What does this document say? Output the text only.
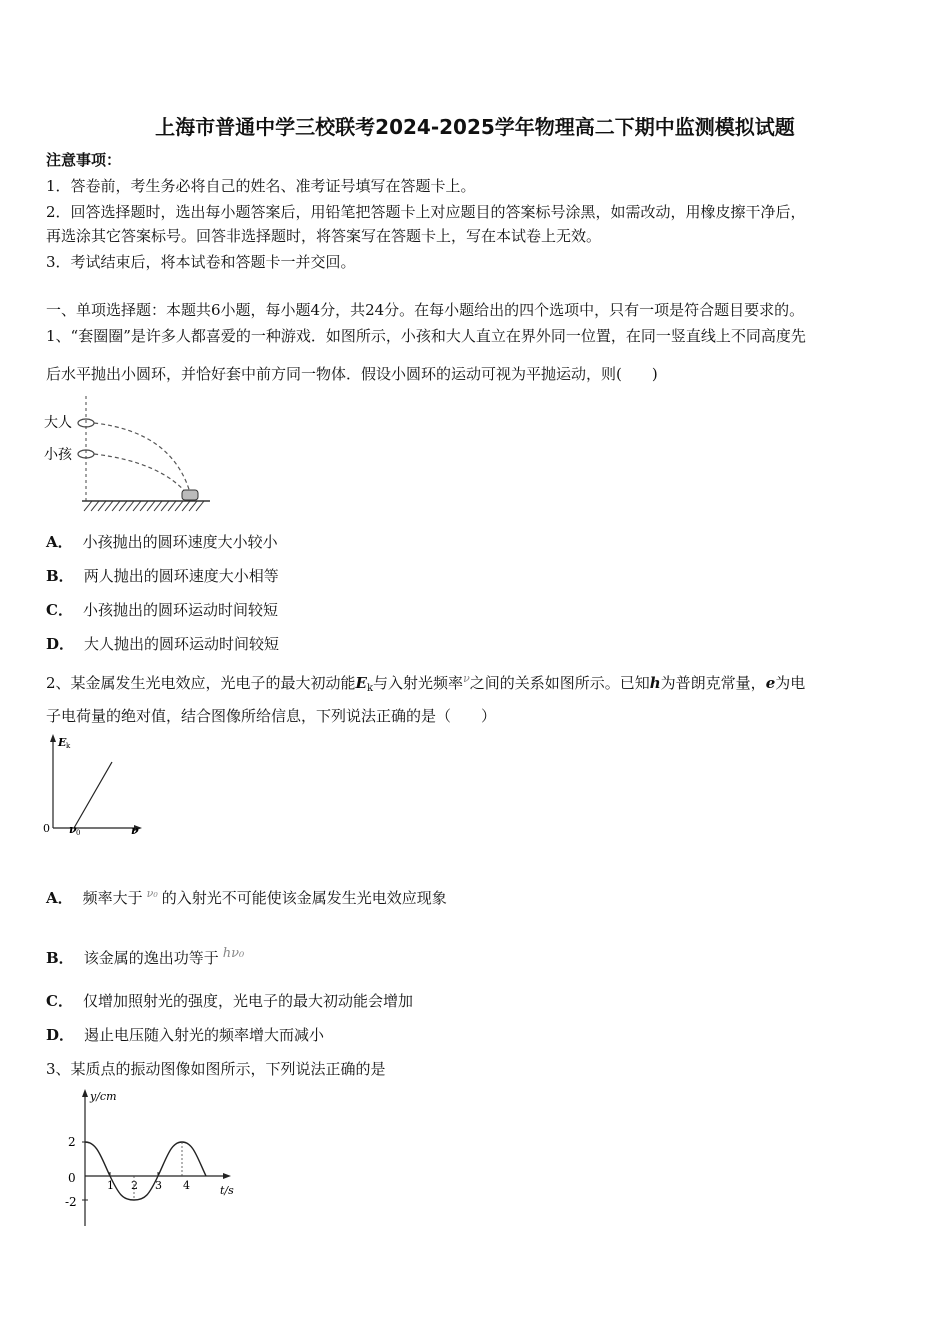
上海市普通中学三校联考2024-2025学年物理高二下期中监测模拟试题
注意事项：
1．答卷前，考生务必将自己的姓名、准考证号填写在答题卡上。
2．回答选择题时，选出每小题答案后，用铅笔把答题卡上对应题目的答案标号涂黑，如需改动，用橡皮擦干净后，
再选涂其它答案标号。回答非选择题时，将答案写在答题卡上，写在本试卷上无效。
3．考试结束后，将本试卷和答题卡一并交回。
一、单项选择题：本题共6小题，每小题4分，共24分。在每小题给出的四个选项中，只有一项是符合题目要求的。
1、“套圈圈”是许多人都喜爱的一种游戏．如图所示，小孩和大人直立在界外同一位置，在同一竖直线上不同高度先
后水平抛出小圆环，并恰好套中前方同一物体．假设小圆环的运动可视为平抛运动，则(　　)
大人
小孩
A． 小孩抛出的圆环速度大小较小
B． 两人抛出的圆环速度大小相等
C． 小孩抛出的圆环运动时间较短
D． 大人抛出的圆环运动时间较短
2、某金属发生光电效应，光电子的最大初动能$E_k$与入射光频率$^\nu$之间的关系如图所示。已知h为普朗克常量，e为电
子电荷量的绝对值，结合图像所给信息，下列说法正确的是（　　）
E k
0 ν 0	ν
A． 频率大于 $^{\nu_0}$ 的入射光不可能使该金属发生光电效应现象
B． 该金属的逸出功等于 hν₀
C． 仅增加照射光的强度，光电子的最大初动能会增加
D． 遏止电压随入射光的频率增大而减小
3、某质点的振动图像如图所示，下列说法正确的是
y/cm
2
0
-2
1 2 3 4	t/s
